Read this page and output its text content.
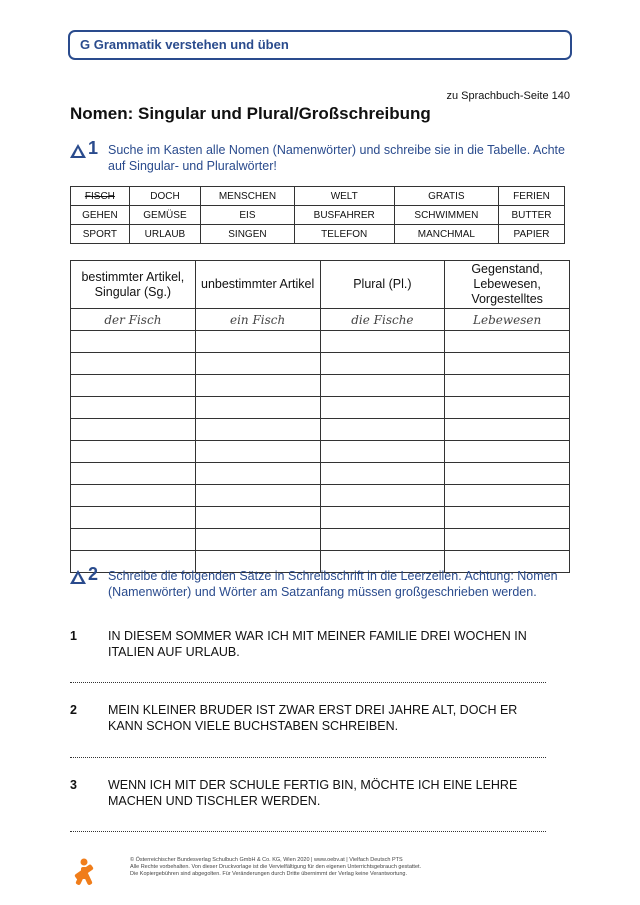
G Grammatik verstehen und üben
zu Sprachbuch-Seite 140
Nomen: Singular und Plural/Großschreibung
1 Suche im Kasten alle Nomen (Namenwörter) und schreibe sie in die Tabelle. Achte auf Singular- und Pluralwörter!
FISCH	DOCH	MENSCHEN	WELT	GRATIS	FERIEN
GEHEN	GEMÜSE	EIS	BUSFAHRER	SCHWIMMEN	BUTTER
SPORT	URLAUB	SINGEN	TELEFON	MANCHMAL	PAPIER
bestimmter Artikel, Singular (Sg.)	unbestimmter Artikel	Plural (Pl.)	Gegenstand, Lebewesen, Vorgestelltes
der Fisch	ein Fisch	die Fische	Lebewesen

2 Schreibe die folgenden Sätze in Schreibschrift in die Leerzeilen. Achtung: Nomen (Namenwörter) und Wörter am Satzanfang müssen großgeschrieben werden.
1 IN DIESEM SOMMER WAR ICH MIT MEINER FAMILIE DREI WOCHEN IN ITALIEN AUF URLAUB.
2 MEIN KLEINER BRUDER IST ZWAR ERST DREI JAHRE ALT, DOCH ER KANN SCHON VIELE BUCHSTABEN SCHREIBEN.
3 WENN ICH MIT DER SCHULE FERTIG BIN, MÖCHTE ICH EINE LEHRE MACHEN UND TISCHLER WERDEN.
© Österreichischer Bundesverlag Schulbuch GmbH & Co. KG, Wien 2020 | www.oebv.at | Vielfach Deutsch PTS
Alle Rechte vorbehalten. Von dieser Druckvorlage ist die Vervielfältigung für den eigenen Unterrichtsgebrauch gestattet.
Die Kopiergebühren sind abgegolten. Für Veränderungen durch Dritte übernimmt der Verlag keine Verantwortung.
